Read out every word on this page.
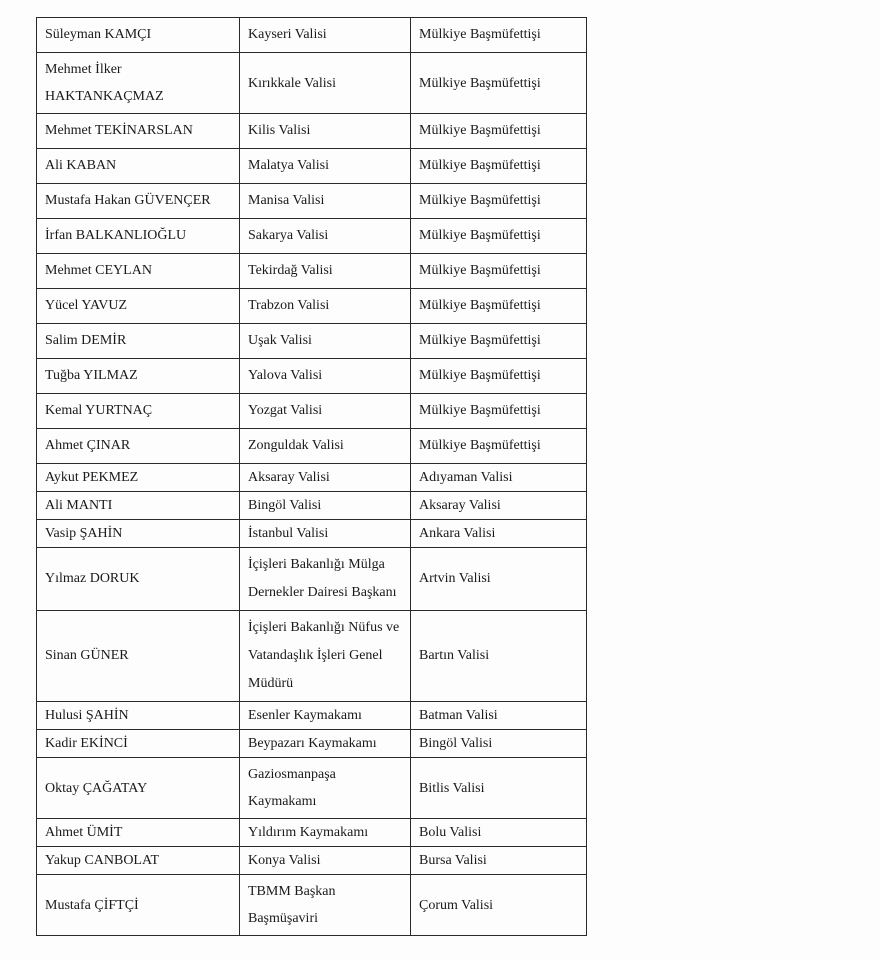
Süleyman KAMÇI	Kayseri Valisi	Mülkiye Başmüfettişi
Mehmet İlker HAKTANKAÇMAZ	Kırıkkale Valisi	Mülkiye Başmüfettişi
Mehmet TEKİNARSLAN	Kilis Valisi	Mülkiye Başmüfettişi
Ali KABAN	Malatya Valisi	Mülkiye Başmüfettişi
Mustafa Hakan GÜVENÇER	Manisa Valisi	Mülkiye Başmüfettişi
İrfan BALKANLIOĞLU	Sakarya Valisi	Mülkiye Başmüfettişi
Mehmet CEYLAN	Tekirdağ Valisi	Mülkiye Başmüfettişi
Yücel YAVUZ	Trabzon Valisi	Mülkiye Başmüfettişi
Salim DEMİR	Uşak Valisi	Mülkiye Başmüfettişi
Tuğba YILMAZ	Yalova Valisi	Mülkiye Başmüfettişi
Kemal YURTNAÇ	Yozgat Valisi	Mülkiye Başmüfettişi
Ahmet ÇINAR	Zonguldak Valisi	Mülkiye Başmüfettişi
Aykut PEKMEZ	Aksaray Valisi	Adıyaman Valisi
Ali MANTI	Bingöl Valisi	Aksaray Valisi
Vasip ŞAHİN	İstanbul Valisi	Ankara Valisi
Yılmaz DORUK	İçişleri Bakanlığı Mülga Dernekler Dairesi Başkanı	Artvin Valisi
Sinan GÜNER	İçişleri Bakanlığı Nüfus ve Vatandaşlık İşleri Genel Müdürü	Bartın Valisi
Hulusi ŞAHİN	Esenler Kaymakamı	Batman Valisi
Kadir EKİNCİ	Beypazarı Kaymakamı	Bingöl Valisi
Oktay ÇAĞATAY	Gaziosmanpaşa Kaymakamı	Bitlis Valisi
Ahmet ÜMİT	Yıldırım Kaymakamı	Bolu Valisi
Yakup CANBOLAT	Konya Valisi	Bursa Valisi
Mustafa ÇİFTÇİ	TBMM Başkan Başmüşaviri	Çorum Valisi
